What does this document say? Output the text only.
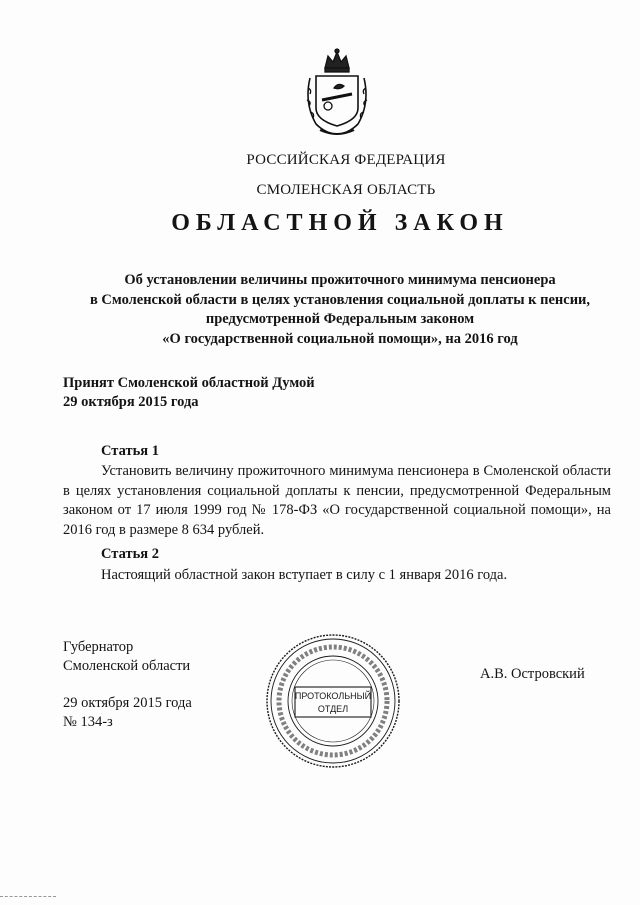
РОССИЙСКАЯ ФЕДЕРАЦИЯ
СМОЛЕНСКАЯ ОБЛАСТЬ
ОБЛАСТНОЙ ЗАКОН
Об установлении величины прожиточного минимума пенсионера
в Смоленской области в целях установления социальной доплаты к пенсии,
предусмотренной Федеральным законом
«О государственной социальной помощи», на 2016 год
Принят Смоленской областной Думой
29 октября 2015 года
Статья 1
Установить величину прожиточного минимума пенсионера в Смоленской области в целях установления социальной доплаты к пенсии, предусмотренной Федеральным законом от 17 июля 1999 год № 178-ФЗ «О государственной социальной помощи», на 2016 год в размере 8 634 рублей.
Статья 2
Настоящий областной закон вступает в силу с 1 января 2016 года.
Губернатор
Смоленской области
29 октября 2015 года
№ 134-з
ПРОТОКОЛЬНЫЙ
ОТДЕЛ
А.В. Островский
